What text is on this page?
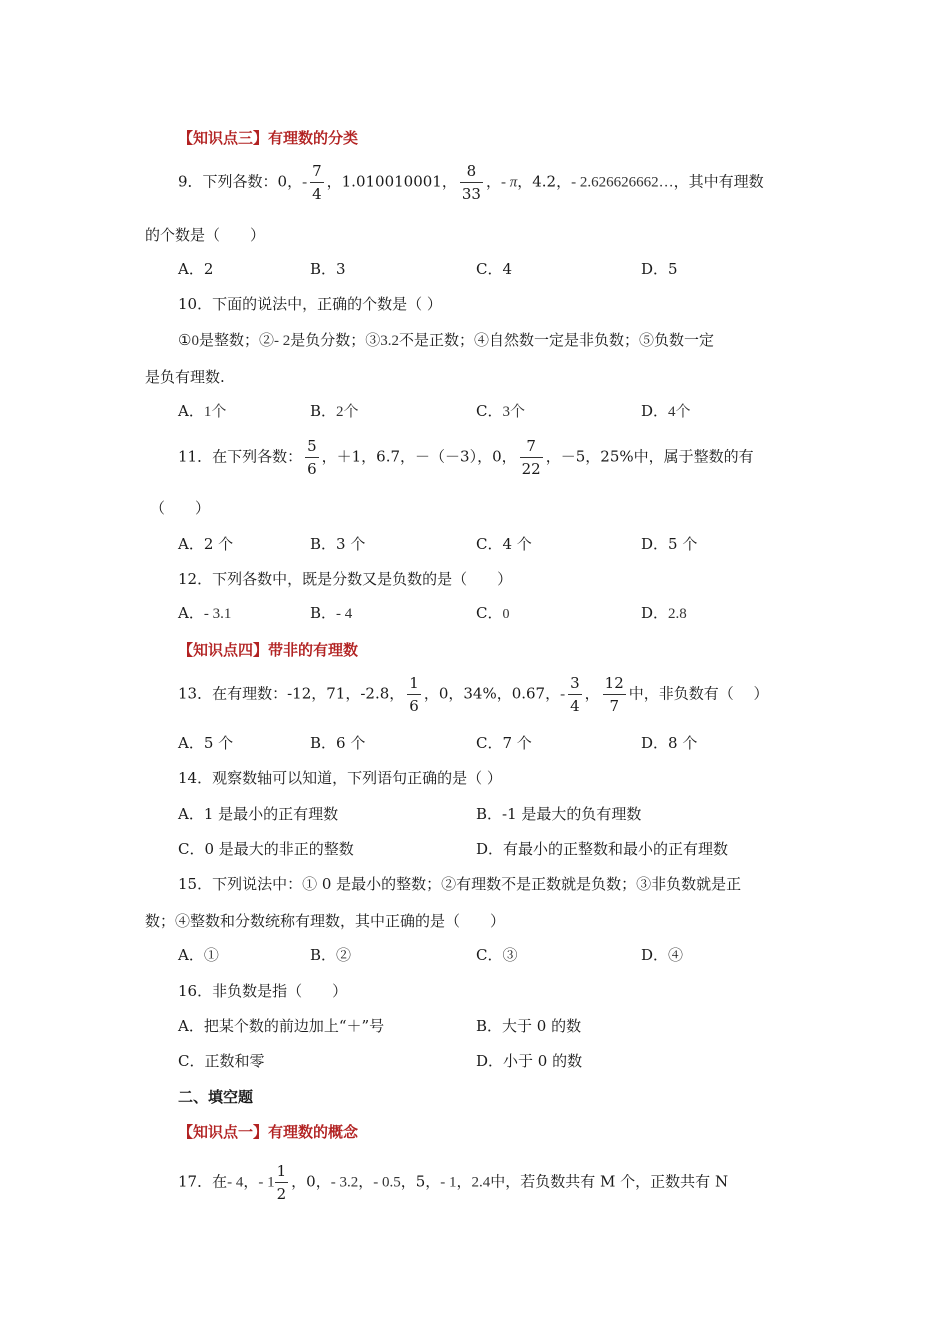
【知识点三】有理数的分类
9．下列各数：0，- $\frac{7}{4}$ ，1.010010001， $\frac{8}{33}$ ，- π，4.2，- 2.626626662…，其中有理数
的个数是（　　）
A．2	B．3	C．4	D．5
10．下面的说法中，正确的个数是（ ）
①0是整数；②- 2是负分数；③3.2不是正数；④自然数一定是非负数；⑤负数一定
是负有理数.
A．1个	B．2个	C．3个	D．4个
11．在下列各数： $\frac{5}{6}$ ，＋1，6.7，－（－3），0， $\frac{7}{22}$ ，－5，25%中，属于整数的有
（　　）
A．2 个	B．3 个	C．4 个	D．5 个
12．下列各数中，既是分数又是负数的是（　　）
A．- 3.1	B．- 4	C．0	D．2.8
【知识点四】带非的有理数
13．在有理数：-12，71，-2.8， $\frac{1}{6}$ ，0，34%，0.67，- $\frac{3}{4}$ ， $\frac{12}{7}$ 中，非负数有（　 ）
A．5 个	B．6 个	C．7 个	D．8 个
14．观察数轴可以知道，下列语句正确的是（ ）
A．1 是最小的正有理数	B．-1 是最大的负有理数
C．0 是最大的非正的整数	D．有最小的正整数和最小的正有理数
15．下列说法中：① 0 是最小的整数；②有理数不是正数就是负数；③非负数就是正
数；④整数和分数统称有理数，其中正确的是（　　）
A．①	B．②	C．③	D．④
16．非负数是指（　　）
A．把某个数的前边加上“＋”号	B．大于 0 的数
C．正数和零	D．小于 0 的数
二、填空题
【知识点一】有理数的概念
17．在- 4，- $1 \frac{1}{2}$ ，0，- 3.2，- 0.5，5，- 1，2.4中，若负数共有 M 个，正数共有 N
